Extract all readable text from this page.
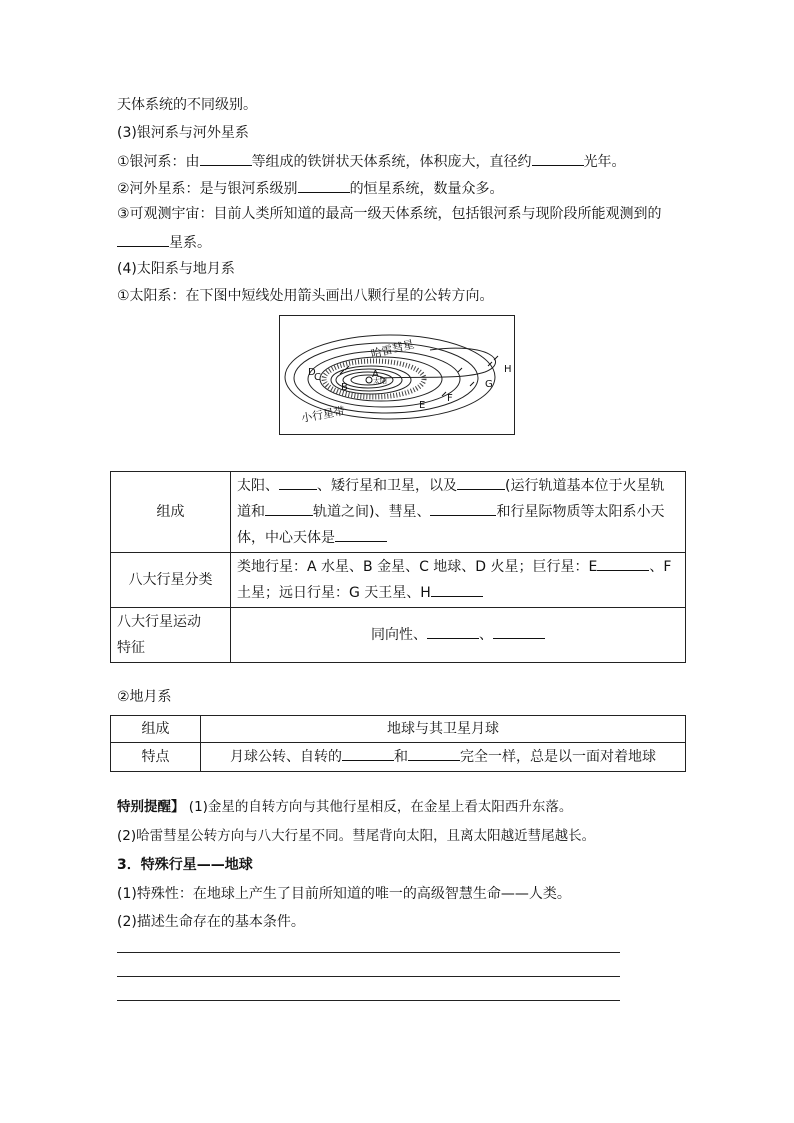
天体系统的不同级别。
(3)银河系与河外星系
①银河系：由	等组成的铁饼状天体系统，体积庞大，直径约	光年。
②河外星系：是与银河系级别	的恒星系统，数量众多。
③可观测宇宙：目前人类所知道的最高一级天体系统，包括银河系与现阶段所能观测到的
星系。
(4)太阳系与地月系
①太阳系：在下图中短线处用箭头画出八颗行星的公转方向。
太阳
哈雷彗星
小行星带
A
B
C
D
E
F
G
H
组成	太阳、 、矮行星和卫星，以及 (运行轨道基本位于火星轨
道和 轨道之间)、彗星、 和行星际物质等太阳系小天
体，中心天体是

八大行星分类	类地行星：A 水星、B 金星、C 地球、D 火星；巨行星：E 、F
土星；远日行星：G 天王星、H

八大行星运动
特征	同向性、 、
②地月系
组成	地球与其卫星月球
特点	月球公转、自转的 和 完全一样，总是以一面对着地球
特别提醒】 (1)金星的自转方向与其他行星相反，在金星上看太阳西升东落。
(2)哈雷彗星公转方向与八大行星不同。彗尾背向太阳，且离太阳越近彗尾越长。
3．特殊行星——地球
(1)特殊性：在地球上产生了目前所知道的唯一的高级智慧生命——人类。
(2)描述生命存在的基本条件。
